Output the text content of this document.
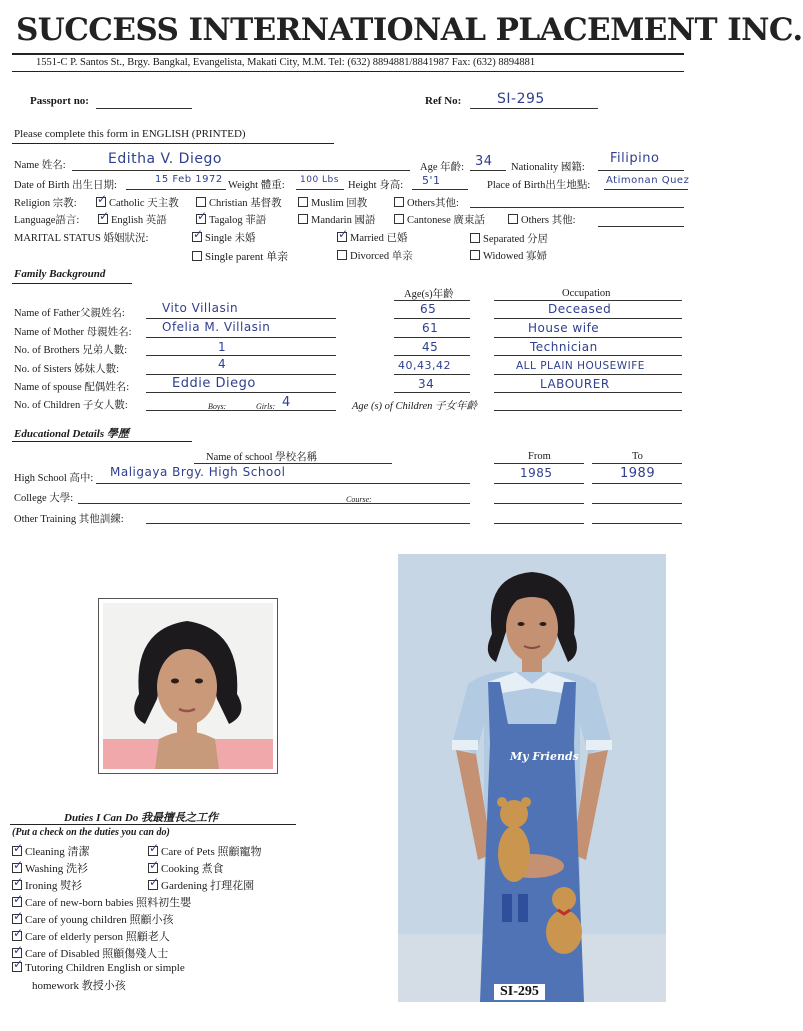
SUCCESS INTERNATIONAL PLACEMENT INC.
1551-C P. Santos St., Brgy. Bangkal, Evangelista, Makati City, M.M. Tel: (632) 8894881/8841987 Fax: (632) 8894881
Passport no:	Ref No:	SI-295
Please complete this form in ENGLISH (PRINTED)
Name 姓名:	Editha V. Diego
Age 年齡: 34 Nationality 國籍:
Filipino
Date of Birth 出生日期:
15 Feb 1972
Weight 體重: 100 Lbs Height 身高: 5'1	Place of Birth出生地點: Atimonan Quez
Religion 宗教: ✓	Catholic 天主教	Christian 基督教	Muslim 回教	Others其他:
Language語言: ✓	English 英語 ✓	Tagalog 菲語	Mandarin 國語	Cantonese 廣東話	Others 其他:
MARITAL STATUS 婚姻狀況: ✓	Single 未婚 ✓	Married 已婚	Separated 分居
Single parent 单亲	Divorced 单亲	Widowed 寡婦
Family Background
Age(s)年齡	Occupation
Name of Father父親姓名:	Vito Villasin	65	Deceased
Name of Mother 母親姓名:	Ofelia M. Villasin	61	House wife
No. of Brothers 兄弟人數:	1	45	Technician
No. of Sisters 姊妹人數:	4	40,43,42	ALL PLAIN HOUSEWIFE
Name of spouse 配偶姓名:	Eddie Diego	34	LABOURER
No. of Children 子女人數:	Boys:	Girls: 4	Age (s) of Children 子女年齡
Educational Details 學歷
Name of school 學校名稱	From	To
High School 高中: Maligaya Brgy. High School	1985	1989
College 大學:	Course:
Other Training 其他訓練:
My Friends
SI-295
Duties I Can Do 我最擅長之工作
(Put a check on the duties you can do)
✓Cleaning 清潔 ✓	Care of Pets 照顧寵物
✓Washing 洗衫 ✓	Cooking 煮食
✓Ironing 熨衫 ✓	Gardening 打理花園
✓Care of new-born babies 照料初生嬰
✓Care of young children 照顧小孩
✓Care of elderly person 照顧老人
✓Care of Disabled 照顧傷殘人士
✓Tutoring Children English or simple
homework 教授小孩
